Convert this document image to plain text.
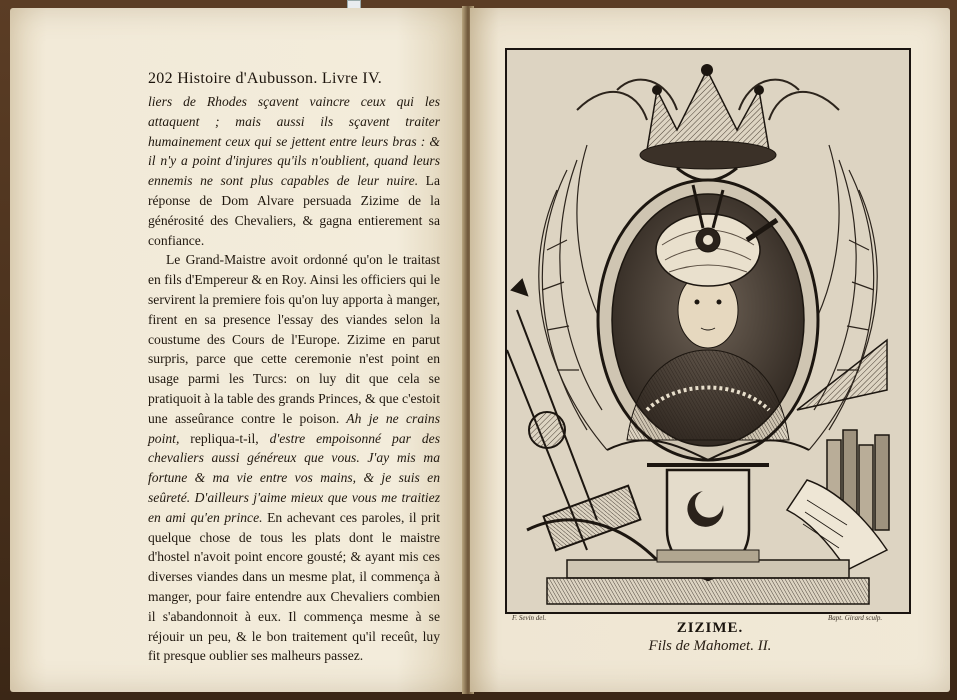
202 Histoire d'Aubusson. Livre IV.

liers de Rhodes sçavent vaincre ceux qui les attaquent ; mais aussi ils sçavent traiter humainement ceux qui se jettent entre leurs bras : & il n'y a point d'injures qu'ils n'oublient, quand leurs ennemis ne sont plus capables de leur nuire. La réponse de Dom Alvare persuada Zizime de la générosité des Chevaliers, & gagna entierement sa confiance.

Le Grand-Maistre avoit ordonné qu'on le traitast en fils d'Empereur & en Roy. Ainsi les officiers qui le servirent la premiere fois qu'on luy apporta à manger, firent en sa presence l'essay des viandes selon la coustume des Cours de l'Europe. Zizime en parut surpris, parce que cette ceremonie n'est point en usage parmi les Turcs: on luy dit que cela se pratiquoit à la table des grands Princes, & que c'estoit une asseûrance contre le poison. Ah je ne crains point, repliqua-t-il, d'estre empoisonné par des chevaliers aussi généreux que vous. J'ay mis ma fortune & ma vie entre vos mains, & je suis en seûreté. D'ailleurs j'aime mieux que vous me traitiez en ami qu'en prince. En achevant ces paroles, il prit quelque chose de tous les plats dont le maistre d'hostel n'avoit point encore gousté; & ayant mis ces diverses viandes dans un mesme plat, il commença à manger, pour faire entendre aux Chevaliers combien il s'abandonnoit à eux. Il commença mesme à se réjouir un peu, & le bon traitement qu'il receût, luy fit presque oublier ses malheurs passez.

F. Sevin del.	Bapt. Girard sculp.
ZIZIME.
Fils de Mahomet. II.
